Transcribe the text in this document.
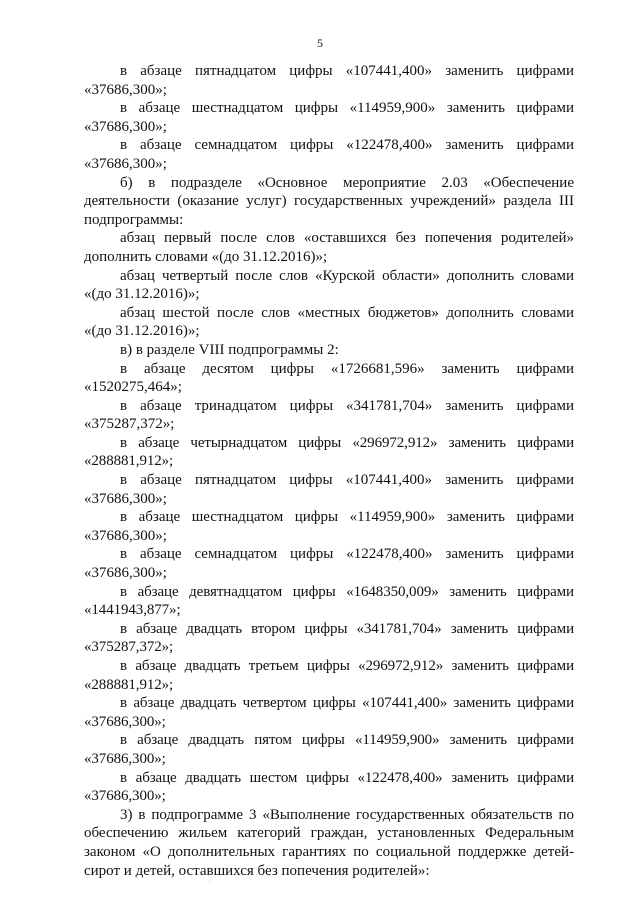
5

в абзаце пятнадцатом цифры «107441,400» заменить цифрами «37686,300»;

в абзаце шестнадцатом цифры «114959,900» заменить цифрами «37686,300»;

в абзаце семнадцатом цифры «122478,400» заменить цифрами «37686,300»;

б) в подразделе «Основное мероприятие 2.03 «Обеспечение деятельности (оказание услуг) государственных учреждений» раздела III подпрограммы:

абзац первый после слов «оставшихся без попечения родителей» дополнить словами «(до 31.12.2016)»;

абзац четвертый после слов «Курской области» дополнить словами «(до 31.12.2016)»;

абзац шестой после слов «местных бюджетов» дополнить словами «(до 31.12.2016)»;

в) в разделе VIII подпрограммы 2:

в абзаце десятом цифры «1726681,596» заменить цифрами «1520275,464»;

в абзаце тринадцатом цифры «341781,704» заменить цифрами «375287,372»;

в абзаце четырнадцатом цифры «296972,912» заменить цифрами «288881,912»;

в абзаце пятнадцатом цифры «107441,400» заменить цифрами «37686,300»;

в абзаце шестнадцатом цифры «114959,900» заменить цифрами «37686,300»;

в абзаце семнадцатом цифры «122478,400» заменить цифрами «37686,300»;

в абзаце девятнадцатом цифры «1648350,009» заменить цифрами «1441943,877»;

в абзаце двадцать втором цифры «341781,704» заменить цифрами «375287,372»;

в абзаце двадцать третьем цифры «296972,912» заменить цифрами «288881,912»;

в абзаце двадцать четвертом цифры «107441,400» заменить цифрами «37686,300»;

в абзаце двадцать пятом цифры «114959,900» заменить цифрами «37686,300»;

в абзаце двадцать шестом цифры «122478,400» заменить цифрами «37686,300»;

3) в подпрограмме 3 «Выполнение государственных обязательств по обеспечению жильем категорий граждан, установленных Федеральным законом «О дополнительных гарантиях по социальной поддержке детей-сирот и детей, оставшихся без попечения родителей»:
